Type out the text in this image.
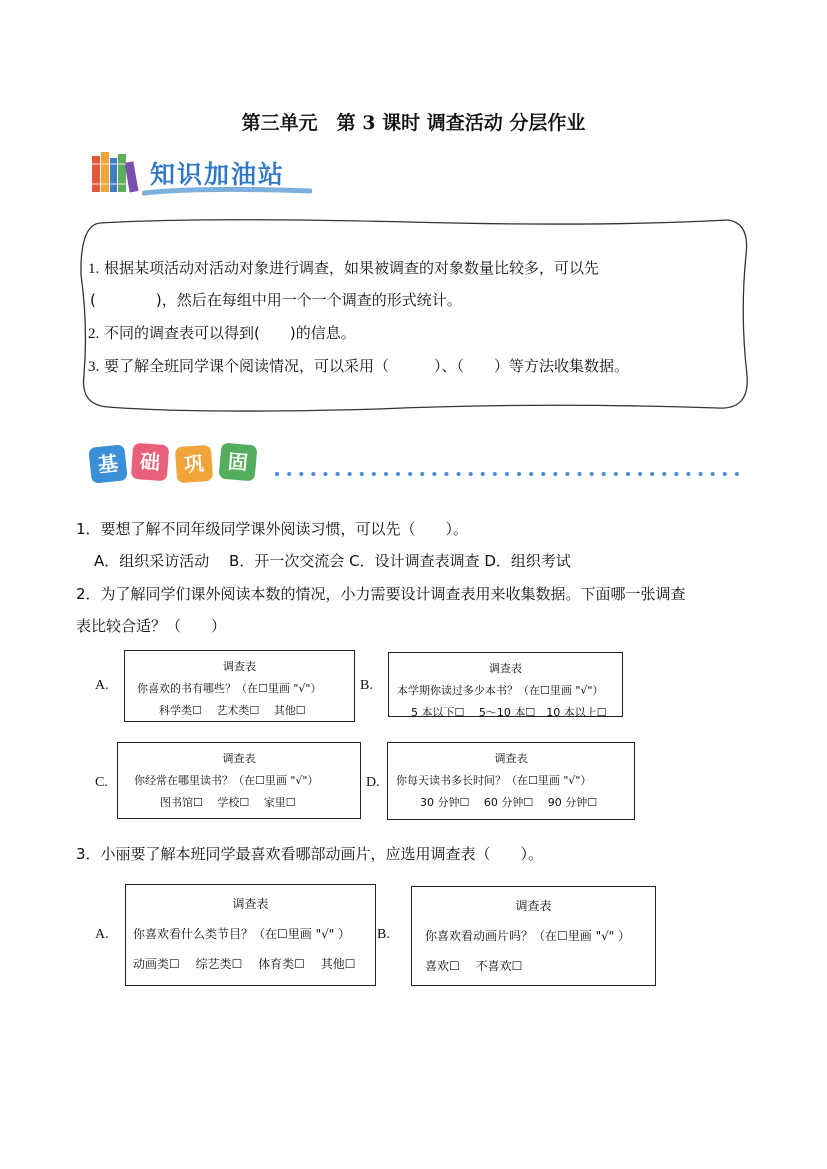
第三单元　第 3 课时 调查活动 分层作业
知识加油站
1. 根据某项活动对活动对象进行调查，如果被调查的对象数量比较多，可以先
(　　　　)，然后在每组中用一个一个调查的形式统计。
2. 不同的调查表可以得到(　　)的信息。
3. 要了解全班同学课个阅读情况，可以采用（　　　）、（　　）等方法收集数据。
基 础	巩	固
1．要想了解不同年级同学课外阅读习惯，可以先（　　）。
A．组织采访活动　 B．开一次交流会 C．设计调查表调查 D．组织考试
2．为了解同学们课外阅读本数的情况，小力需要设计调查表用来收集数据。下面哪一张调查
表比较合适？（　　）
A.
调查表
你喜欢的书有哪些？（在☐里画 "√"）
科学类☐　 艺术类☐　 其他☐
B.
调查表
本学期你读过多少本书？（在☐里画 "√"）
5 本以下☐　 5～10 本☐　10 本以上☐
C.
调查表
你经常在哪里读书？（在☐里画 "√"）
图书馆☐　 学校☐　 家里☐
D.
调查表
你每天读书多长时间？（在☐里画 "√"）
30 分钟☐　 60 分钟☐　 90 分钟☐
3．小丽要了解本班同学最喜欢看哪部动画片，应选用调查表（　　）。
A.
调查表
你喜欢看什么类节目？（在☐里画 "√" ）
动画类☐　 综艺类☐　 体育类☐　 其他☐
B.
调查表
你喜欢看动画片吗？（在☐里画 "√" ）
喜欢☐　 不喜欢☐
